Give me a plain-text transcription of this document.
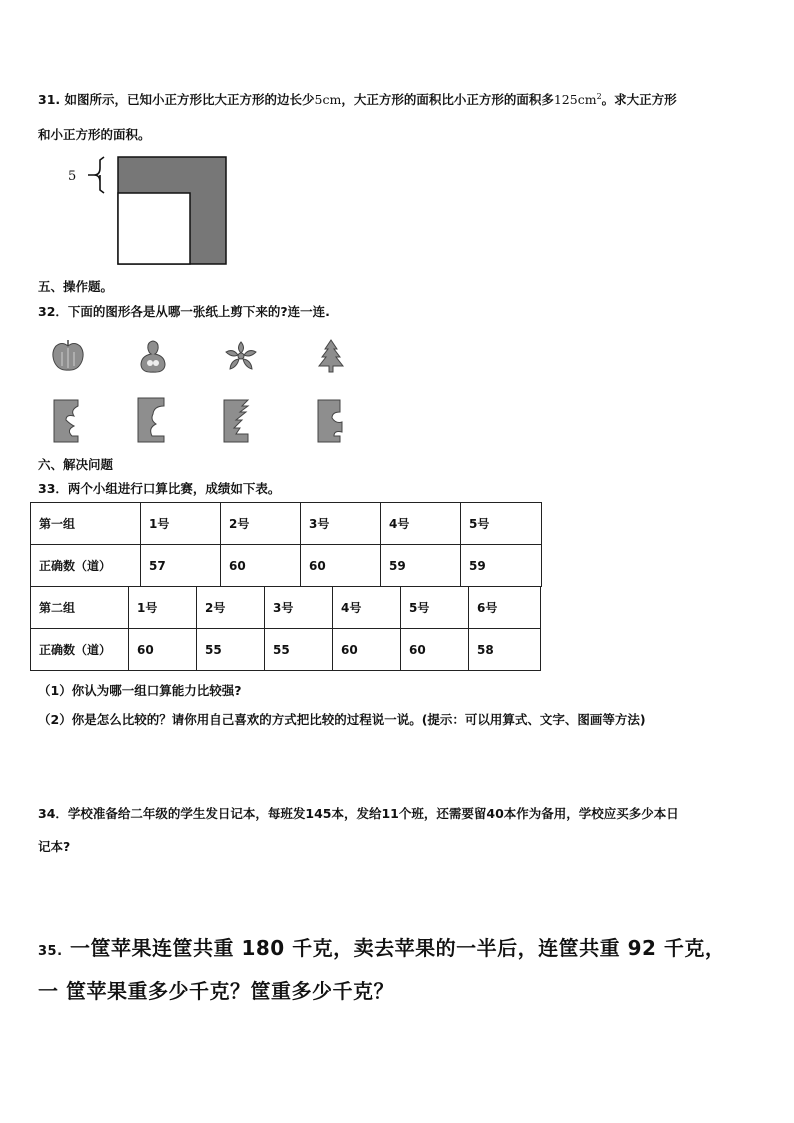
31. 如图所示，已知小正方形比大正方形的边长少5cm，大正方形的面积比小正方形的面积多$125cm^2$。求大正方形
和小正方形的面积。
5
五、操作题。
32．下面的图形各是从哪一张纸上剪下来的?连一连.
六、解决问题
33．两个小组进行口算比赛，成绩如下表。
第一组	1号	2号	3号	4号	5号
正确数（道）	57	60	60	59	59
第二组	1号	2号	3号	4号	5号	6号
正确数（道）	60	55	55	60	60	58
（1）你认为哪一组口算能力比较强?
（2）你是怎么比较的？请你用自己喜欢的方式把比较的过程说一说。(提示：可以用算式、文字、图画等方法)
34．学校准备给二年级的学生发日记本，每班发145本，发给11个班，还需要留40本作为备用，学校应买多少本日
记本?
35. 一筐苹果连筐共重 180 千克，卖去苹果的一半后，连筐共重 92 千克，
一 筐苹果重多少千克？筐重多少千克？
